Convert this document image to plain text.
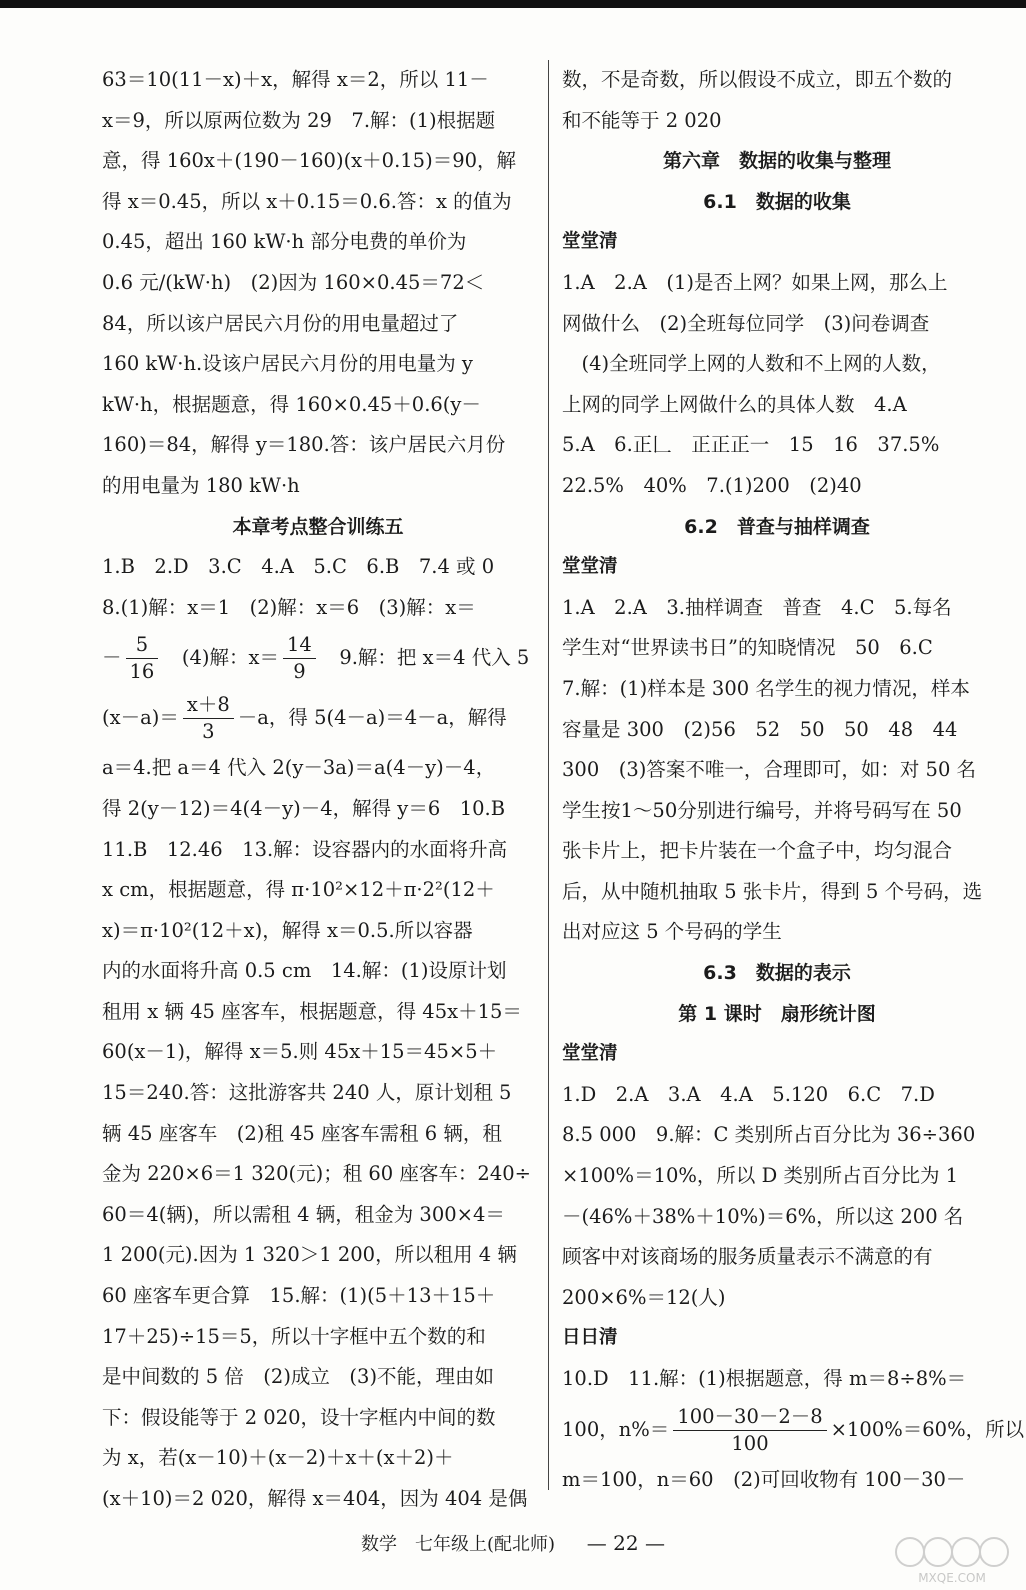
63＝10(11－x)＋x，解得 x＝2，所以 11－
x＝9，所以原两位数为 29　7.解：(1)根据题
意，得 160x＋(190－160)(x＋0.15)＝90，解
得 x＝0.45，所以 x＋0.15＝0.6.答：x 的值为
0.45，超出 160 kW·h 部分电费的单价为
0.6 元/(kW·h)　(2)因为 160×0.45＝72＜
84，所以该户居民六月份的用电量超过了
160 kW·h.设该户居民六月份的用电量为 y
kW·h，根据题意，得 160×0.45＋0.6(y－
160)＝84，解得 y＝180.答：该户居民六月份
的用电量为 180 kW·h
本章考点整合训练五
1.B　2.D　3.C　4.A　5.C　6.B　7.4 或 0
8.(1)解：x＝1　(2)解：x＝6　(3)解：x＝
－ $\frac{5}{16}$
　 (4)解：$x= \frac{14}{9}$
　 9.解：把 x＝4 代入 5
$(x-a)= \frac{x+8}{3} -a$，得 5(4－a)＝4－a，解得
a＝4.把 a＝4 代入 2(y－3a)＝a(4－y)－4，
得 2(y－12)＝4(4－y)－4，解得 y＝6　10.B
11.B　12.46　13.解：设容器内的水面将升高
x cm，根据题意，得 π·10²×12＋π·2²(12＋
x)＝π·10²(12＋x)，解得 x＝0.5.所以容器
内的水面将升高 0.5 cm　14.解：(1)设原计划
租用 x 辆 45 座客车，根据题意，得 45x＋15＝
60(x－1)，解得 x＝5.则 45x＋15＝45×5＋
15＝240.答：这批游客共 240 人，原计划租 5
辆 45 座客车　(2)租 45 座客车需租 6 辆，租
金为 220×6＝1 320(元)；租 60 座客车：240÷
60＝4(辆)，所以需租 4 辆，租金为 300×4＝
1 200(元).因为 1 320＞1 200，所以租用 4 辆
60 座客车更合算　15.解：(1)(5＋13＋15＋
17＋25)÷15＝5，所以十字框中五个数的和
是中间数的 5 倍　(2)成立　(3)不能，理由如
下：假设能等于 2 020，设十字框内中间的数
为 x，若(x－10)＋(x－2)＋x＋(x＋2)＋
(x＋10)＝2 020，解得 x＝404，因为 404 是偶
数，不是奇数，所以假设不成立，即五个数的
和不能等于 2 020
第六章　数据的收集与整理
6.1　数据的收集
堂堂清
1.A　2.A　(1)是否上网？如果上网，那么上
网做什么　(2)全班每位同学　(3)问卷调查
　(4)全班同学上网的人数和不上网的人数，
上网的同学上网做什么的具体人数　4.A
5.A　6.正𠃊　正正正一　15　16　37.5%
22.5%　40%　7.(1)200　(2)40
6.2　普查与抽样调查
堂堂清
1.A　2.A　3.抽样调查　普查　4.C　5.每名
学生对“世界读书日”的知晓情况　50　6.C
7.解：(1)样本是 300 名学生的视力情况，样本
容量是 300　(2)56　52　50　50　48　44
300　(3)答案不唯一，合理即可，如：对 50 名
学生按1～50分别进行编号，并将号码写在 50
张卡片上，把卡片装在一个盒子中，均匀混合
后，从中随机抽取 5 张卡片，得到 5 个号码，选
出对应这 5 个号码的学生
6.3　数据的表示
第 1 课时　扇形统计图
堂堂清
1.D　2.A　3.A　4.A　5.120　6.C　7.D
8.5 000　9.解：C 类别所占百分比为 36÷360
×100%＝10%，所以 D 类别所占百分比为 1
－(46%＋38%＋10%)＝6%，所以这 200 名
顾客中对该商场的服务质量表示不满意的有
200×6%＝12(人)
日日清
10.D　11.解：(1)根据题意，得 m＝8÷8%＝
100，$n\%= \frac{100-30-2-8}{100} \times 100\%=60\%$，所以
m＝100，n＝60　(2)可回收物有 100－30－
数学　七年级上(配北师) — 22 —
MXQE.COM
